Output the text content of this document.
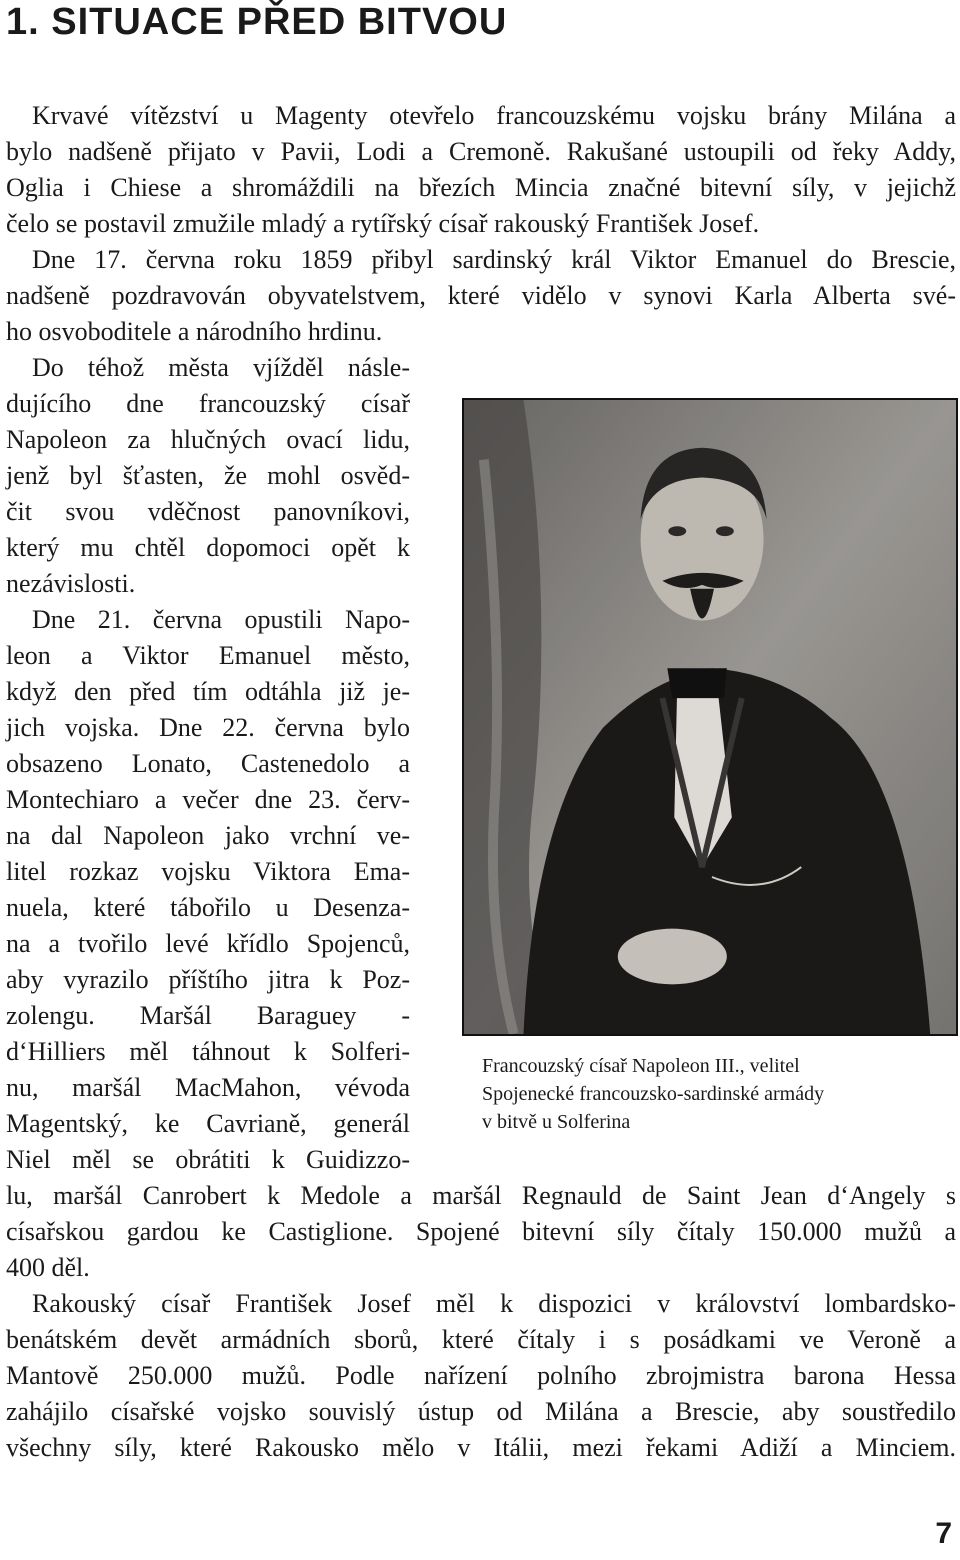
1. SITUACE PŘED BITVOU

Krvavé vítězství u Magenty otevřelo francouzskému vojsku brány Milána a

bylo nadšeně přijato v Pavii, Lodi a Cremoně. Rakušané ustoupili od řeky Addy,

Oglia i Chiese a shromáždili na březích Mincia značné bitevní síly, v jejichž

čelo se postavil zmužile mladý a rytířský císař rakouský František Josef.

Dne 17. června roku 1859 přibyl sardinský král Viktor Emanuel do Brescie,

nadšeně pozdravován obyvatelstvem, které vidělo v synovi Karla Alberta své-

ho osvoboditele a národního hrdinu.

Do téhož města vjížděl násle-

dujícího dne francouzský císař

Napoleon za hlučných ovací lidu,

jenž byl šťasten, že mohl osvěd-

čit svou vděčnost panovníkovi,

který mu chtěl dopomoci opět k

nezávislosti.

Dne 21. června opustili Napo-

leon a Viktor Emanuel město,

když den před tím odtáhla již je-

jich vojska. Dne 22. června bylo

obsazeno Lonato, Castenedolo a

Montechiaro a večer dne 23. červ-

na dal Napoleon jako vrchní ve-

litel rozkaz vojsku Viktora Ema-

nuela, které tábořilo u Desenza-

na a tvořilo levé křídlo Spojenců,

aby vyrazilo příštího jitra k Poz-

zolengu. Maršál Baraguey -

d‘Hilliers měl táhnout k Solferi-

nu, maršál MacMahon, vévoda

Magentský, ke Cavrianě, generál

Niel měl se obrátiti k Guidizzo-

lu, maršál Canrobert k Medole a maršál Regnauld de Saint Jean d‘Angely s

císařskou gardou ke Castiglione. Spojené bitevní síly čítaly 150.000 mužů a

400 děl.

Rakouský císař František Josef měl k dispozici v království lombardsko-

benátském devět armádních sborů, které čítaly i s posádkami ve Veroně a

Mantově 250.000 mužů. Podle nařízení polního zbrojmistra barona Hessa

zahájilo císařské vojsko souvislý ústup od Milána a Brescie, aby soustředilo

všechny síly, které Rakousko mělo v Itálii, mezi řekami Adiží a Minciem.

Francouzský císař Napoleon III., velitel

Spojenecké francouzsko-sardinské armády

v bitvě u Solferina

7
